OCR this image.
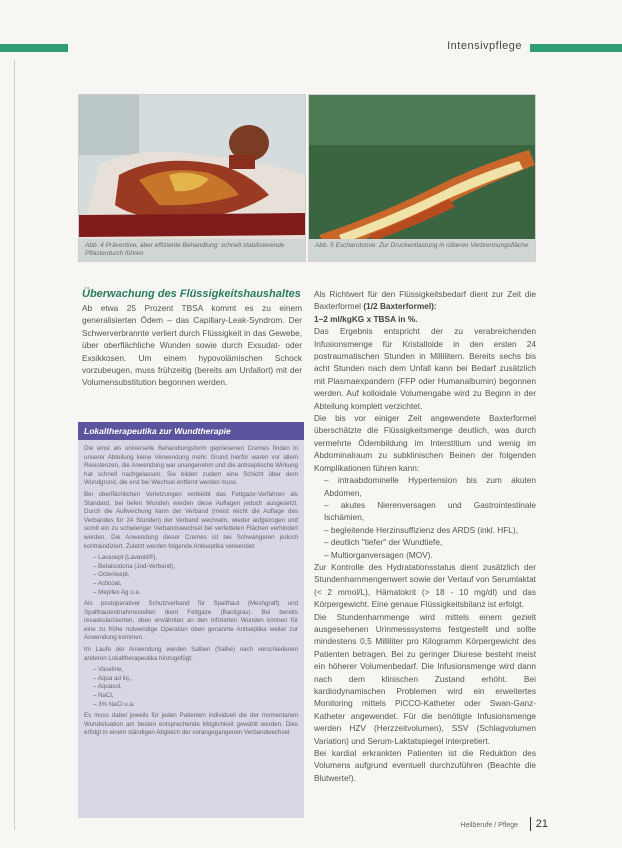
Intensivpflege
Abb. 4 Präventive, aber effiziente Behandlung: schnell stabilisierende Pflasterdurch führen
Abb. 5 Escharotomie: Zur Druckentlastung in rüberen Verbrennungsfläche
Überwachung des Flüssigkeitshaushaltes

Ab etwa 25 Prozent TBSA kommt es zu einem generalisierten Ödem – das Capillary-Leak-Syndrom. Der Schwerverbrannte verliert durch Flüssigkeit in das Gewebe, über oberflächliche Wunden sowie durch Exsudat- oder Exsikkosen. Um einem hypovolämischen Schock vorzubeugen, muss frühzeitig (bereits am Unfallort) mit der Volumensubstitution begonnen werden.

Lokaltherapeutika zur Wundtherapie

Die einst als universelle Behandlungsform gepriesenen Cremes finden in unserer Abteilung keine Verwendung mehr. Grund hierfür waren vor allem Resistenzen, die Anwendung war unangenehm und die antiseptische Wirkung hat schnell nachgelassen. Sie bilden zudem eine Schicht über dem Wundgrund, die erst bei Wechsel entfernt werden muss.

Bei oberflächlichen Verletzungen verbleibt das Fettgaze-Verfahren als Standard, bei tiefen Wunden werden diese Auflagen jedoch ausgesetzt. Durch die Aufweichung kann der Verband (meist reicht die Auflage des Verbandes für 24 Stunden) der Verband wechseln, wieder aufgezogen und somit ein zu schwieriger Verbandswechsel bei verfetteten Flächen verhindert werden. Die Anwendung dieser Cremes ist bei Schwangeren jedoch kontraindiziert. Zuletzt werden folgende Antiseptika verwendet:

– Lavasept (Lavanid®),
– Betaisodona (Jod-Verband),
– Octenisept,
– Acticoat,
– Mepilex Ag u.a.

Als postoperativer Schutzverband für Spalthaut (Meshgraft) und Spalthautentnahmestellen dient Fettgaze (Bactigras). Bei bereits revaskularisierten, oben erwähnten an den infizierten Wunden können für eine zu frühe notwendige Operation oben genannte Antiseptika weiter zur Anwendung kommen.

Im Laufe der Anwendung werden Salben (Salbe) nach verschiedenen anderen Lokaltherapeutika hinzugefügt:

– Vaseline,
– Aqua ad inj.,
– Aquasol,
– NaCl,
– 3% NaCl u.a.

Es muss dabei jeweils für jeden Patienten individuell die der momentanen Wundsituation am besten entsprechende Möglichkeit gewählt werden. Dies erfolgt in einem ständigen Abgleich der vorangegangenen Verbandwechsel.

Als Richtwert für den Flüssigkeitsbedarf dient zur Zeit die Baxterformel (1/2 Baxterformel):

1–2 ml/kgKG x TBSA in %.

Das Ergebnis entspricht der zu verabreichenden Infusionsmenge für Kristalloide in den ersten 24 postraumatischen Stunden in Millilitern. Bereits sechs bis acht Stunden nach dem Unfall kann bei Bedarf zusätzlich mit Plasmaexpandern (FFP oder Humanalbumin) begonnen werden. Auf kolloidale Volumengabe wird zu Beginn in der Abteilung komplett verzichtet.

Die bis vor einiger Zeit angewendete Baxterformel überschätzte die Flüssigkeitsmenge deutlich, was durch vermehrte Ödembildung im Interstitium und wenig im Abdominalraum zu subklinischen Beinen der folgenden Komplikationen führen kann:

– intraabdominelle Hypertension bis zum akuten Abdomen,
– akutes Nierenversagen und Gastrointestinale Ischämien,
– begleitende Herzinsuffizienz des ARDS (inkl. HFL),
– deutlich "tiefer" der Wundtiefe,
– Multiorganversagen (MOV).

Zur Kontrolle des Hydratationsstatus dient zusätzlich der Stundenharnmengenwert sowie der Verlauf von Serumlaktat (< 2 mmol/L), Hämatokrit (> 18 - 10 mg/dl) und das Körpergewicht. Eine genaue Flüssigkeitsbilanz ist erfolgt.

Die Stundenharnmenge wird mittels einem gezielt ausgesehenen Urinmesssystems festgestellt und sollte mindestens 0,5 Milliliter pro Kilogramm Körpergewicht des Patienten betragen. Bei zu geringer Diurese besteht meist ein höherer Volumenbedarf. Die Infusionsmenge wird dann nach dem klinischen Zustand erhöht. Bei kardiodynamischen Problemen wird ein erweitertes Monitoring mittels PiCCO-Katheter oder Swan-Ganz-Katheter angewendet. Für die benötigte Infusionsmenge werden HZV (Herzzeitvolumen), SSV (Schlagvolumen Variation) und Serum-Laktatspiegel interpretiert.

Bei kardial erkrankten Patienten ist die Reduktion des Volumens aufgrund eventuell durchzuführen (Beachte die Blutwerte!).

Heilberufe / Pflege	21
